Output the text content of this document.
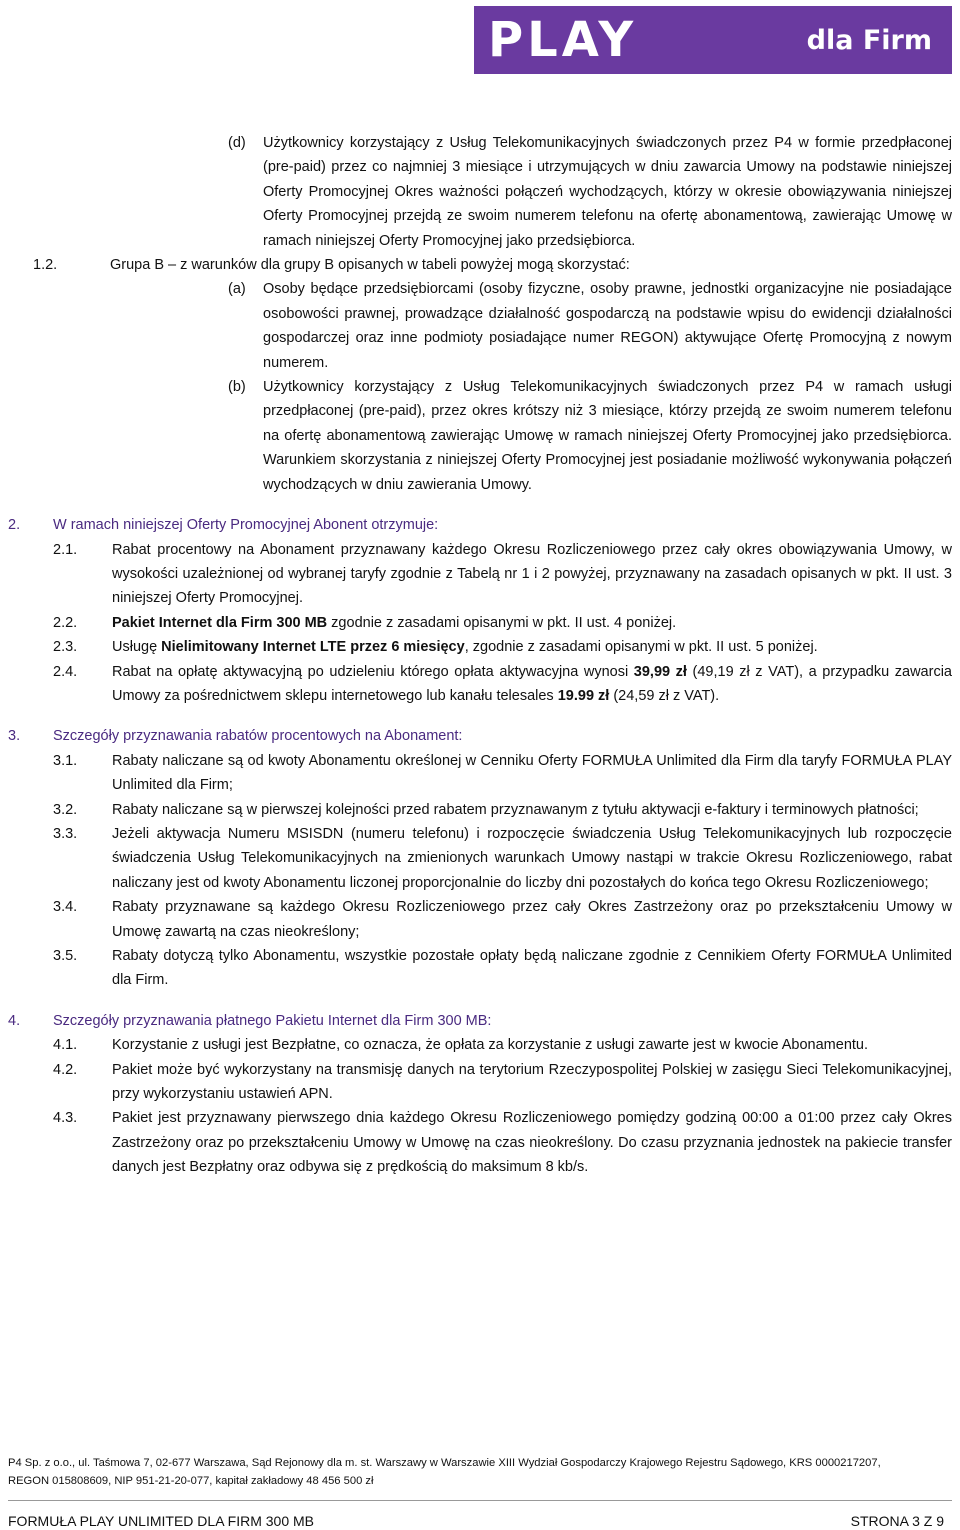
PLAY	dla Firm
(d) Użytkownicy korzystający z Usług Telekomunikacyjnych świadczonych przez P4 w formie przedpłaconej (pre-paid) przez co najmniej 3 miesiące i utrzymujących w dniu zawarcia Umowy na podstawie niniejszej Oferty Promocyjnej Okres ważności połączeń wychodzących, którzy w okresie obowiązywania niniejszej Oferty Promocyjnej przejdą ze swoim numerem telefonu na ofertę abonamentową, zawierając Umowę w ramach niniejszej Oferty Promocyjnej jako przedsiębiorca.
1.2.	Grupa B – z warunków dla grupy B opisanych w tabeli powyżej mogą skorzystać:
(a) Osoby będące przedsiębiorcami (osoby fizyczne, osoby prawne, jednostki organizacyjne nie posiadające osobowości prawnej, prowadzące działalność gospodarczą na podstawie wpisu do ewidencji działalności gospodarczej oraz inne podmioty posiadające numer REGON) aktywujące Ofertę Promocyjną z nowym numerem.
(b) Użytkownicy korzystający z Usług Telekomunikacyjnych świadczonych przez P4 w ramach usługi przedpłaconej (pre-paid), przez okres krótszy niż 3 miesiące, którzy przejdą ze swoim numerem telefonu na ofertę abonamentową zawierając Umowę w ramach niniejszej Oferty Promocyjnej jako przedsiębiorca. Warunkiem skorzystania z niniejszej Oferty Promocyjnej jest posiadanie możliwość wykonywania połączeń wychodzących w dniu zawierania Umowy.
2. W ramach niniejszej Oferty Promocyjnej Abonent otrzymuje:
2.1. Rabat procentowy na Abonament przyznawany każdego Okresu Rozliczeniowego przez cały okres obowiązywania Umowy, w wysokości uzależnionej od wybranej taryfy zgodnie z Tabelą nr 1 i 2 powyżej, przyznawany na zasadach opisanych w pkt. II ust. 3 niniejszej Oferty Promocyjnej.
2.2. Pakiet Internet dla Firm 300 MB zgodnie z zasadami opisanymi w pkt. II ust. 4 poniżej.
2.3. Usługę Nielimitowany Internet LTE przez 6 miesięcy, zgodnie z zasadami opisanymi w pkt. II ust. 5 poniżej.
2.4. Rabat na opłatę aktywacyjną po udzieleniu którego opłata aktywacyjna wynosi 39,99 zł (49,19 zł z VAT), a przypadku zawarcia Umowy za pośrednictwem sklepu internetowego lub kanału telesales 19.99 zł (24,59 zł z VAT).
3. Szczegóły przyznawania rabatów procentowych na Abonament:
3.1. Rabaty naliczane są od kwoty Abonamentu określonej w Cenniku Oferty FORMUŁA Unlimited dla Firm dla taryfy FORMUŁA PLAY Unlimited dla Firm;
3.2. Rabaty naliczane są w pierwszej kolejności przed rabatem przyznawanym z tytułu aktywacji e-faktury i terminowych płatności;
3.3. Jeżeli aktywacja Numeru MSISDN (numeru telefonu) i rozpoczęcie świadczenia Usług Telekomunikacyjnych lub rozpoczęcie świadczenia Usług Telekomunikacyjnych na zmienionych warunkach Umowy nastąpi w trakcie Okresu Rozliczeniowego, rabat naliczany jest od kwoty Abonamentu liczonej proporcjonalnie do liczby dni pozostałych do końca tego Okresu Rozliczeniowego;
3.4. Rabaty przyznawane są każdego Okresu Rozliczeniowego przez cały Okres Zastrzeżony oraz po przekształceniu Umowy w Umowę zawartą na czas nieokreślony;
3.5. Rabaty dotyczą tylko Abonamentu, wszystkie pozostałe opłaty będą naliczane zgodnie z Cennikiem Oferty FORMUŁA Unlimited dla Firm.
4. Szczegóły przyznawania płatnego Pakietu Internet dla Firm 300 MB:
4.1. Korzystanie z usługi jest Bezpłatne, co oznacza, że opłata za korzystanie z usługi zawarte jest w kwocie Abonamentu.
4.2. Pakiet może być wykorzystany na transmisję danych na terytorium Rzeczypospolitej Polskiej w zasięgu Sieci Telekomunikacyjnej, przy wykorzystaniu ustawień APN.
4.3. Pakiet jest przyznawany pierwszego dnia każdego Okresu Rozliczeniowego pomiędzy godziną 00:00 a 01:00 przez cały Okres Zastrzeżony oraz po przekształceniu Umowy w Umowę na czas nieokreślony. Do czasu przyznania jednostek na pakiecie transfer danych jest Bezpłatny oraz odbywa się z prędkością do maksimum 8 kb/s.
P4 Sp. z o.o., ul. Taśmowa 7, 02-677 Warszawa, Sąd Rejonowy dla m. st. Warszawy w Warszawie XIII Wydział Gospodarczy Krajowego Rejestru Sądowego, KRS 0000217207,
REGON 015808609, NIP 951-21-20-077, kapitał zakładowy 48 456 500 zł
FORMUŁA PLAY UNLIMITED DLA FIRM 300 MB	STRONA 3 Z 9
